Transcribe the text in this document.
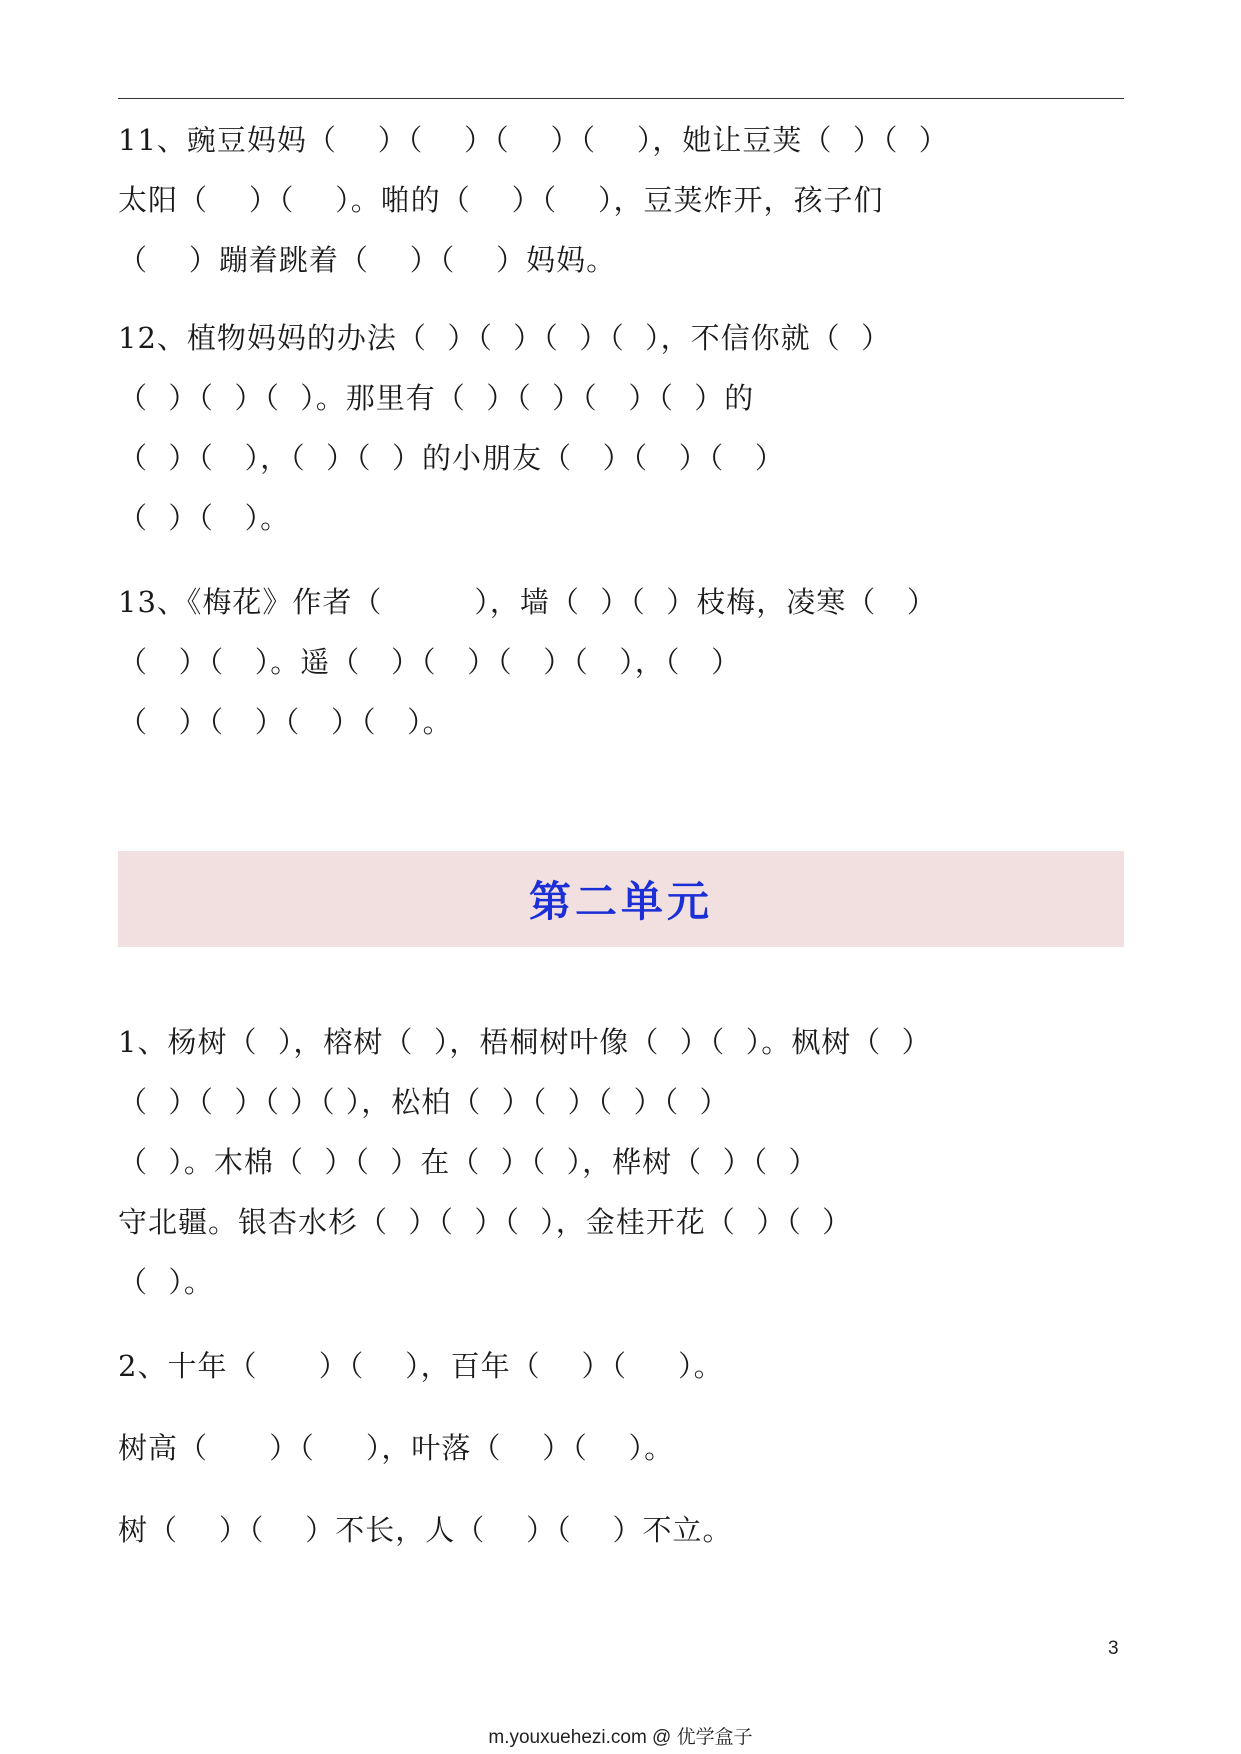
11、豌豆妈妈（    ）（    ）（    ）（    ），她让豆荚（  ）（  ）
太阳（    ）（    ）。啪的（    ）（    ），豆荚炸开，孩子们
（    ）蹦着跳着（    ）（    ）妈妈。
12、植物妈妈的办法（  ）（  ）（  ）（  ），不信你就（  ）
（  ）（  ）（  ）。那里有（  ）（  ）（   ）（  ）的
（  ）（   ），（  ）（  ）的小朋友（   ）（   ）（   ）
（  ）（   ）。
13、《梅花》作者（         ），墙（  ）（  ）枝梅，凌寒（   ）
（   ）（   ）。遥（   ）（   ）（   ）（   ），（   ）
（   ）（   ）（   ）（   ）。
第二单元
1、杨树（  ），榕树（  ），梧桐树叶像（  ）（  ）。枫树（  ）
（  ）（  ）（ ）（ ），松柏（  ）（  ）（  ）（  ）
（  ）。木棉（  ）（  ）在（  ）（  ），桦树（  ）（  ）
守北疆。银杏水杉（  ）（  ）（  ），金桂开花（  ）（  ）
（  ）。
2、十年（      ）（    ），百年（    ）（     ）。
树高（      ）（     ），叶落（    ）（    ）。
树（    ）（    ）不长，人（    ）（    ）不立。
3
m.youxuehezi.com @ 优学盒子
